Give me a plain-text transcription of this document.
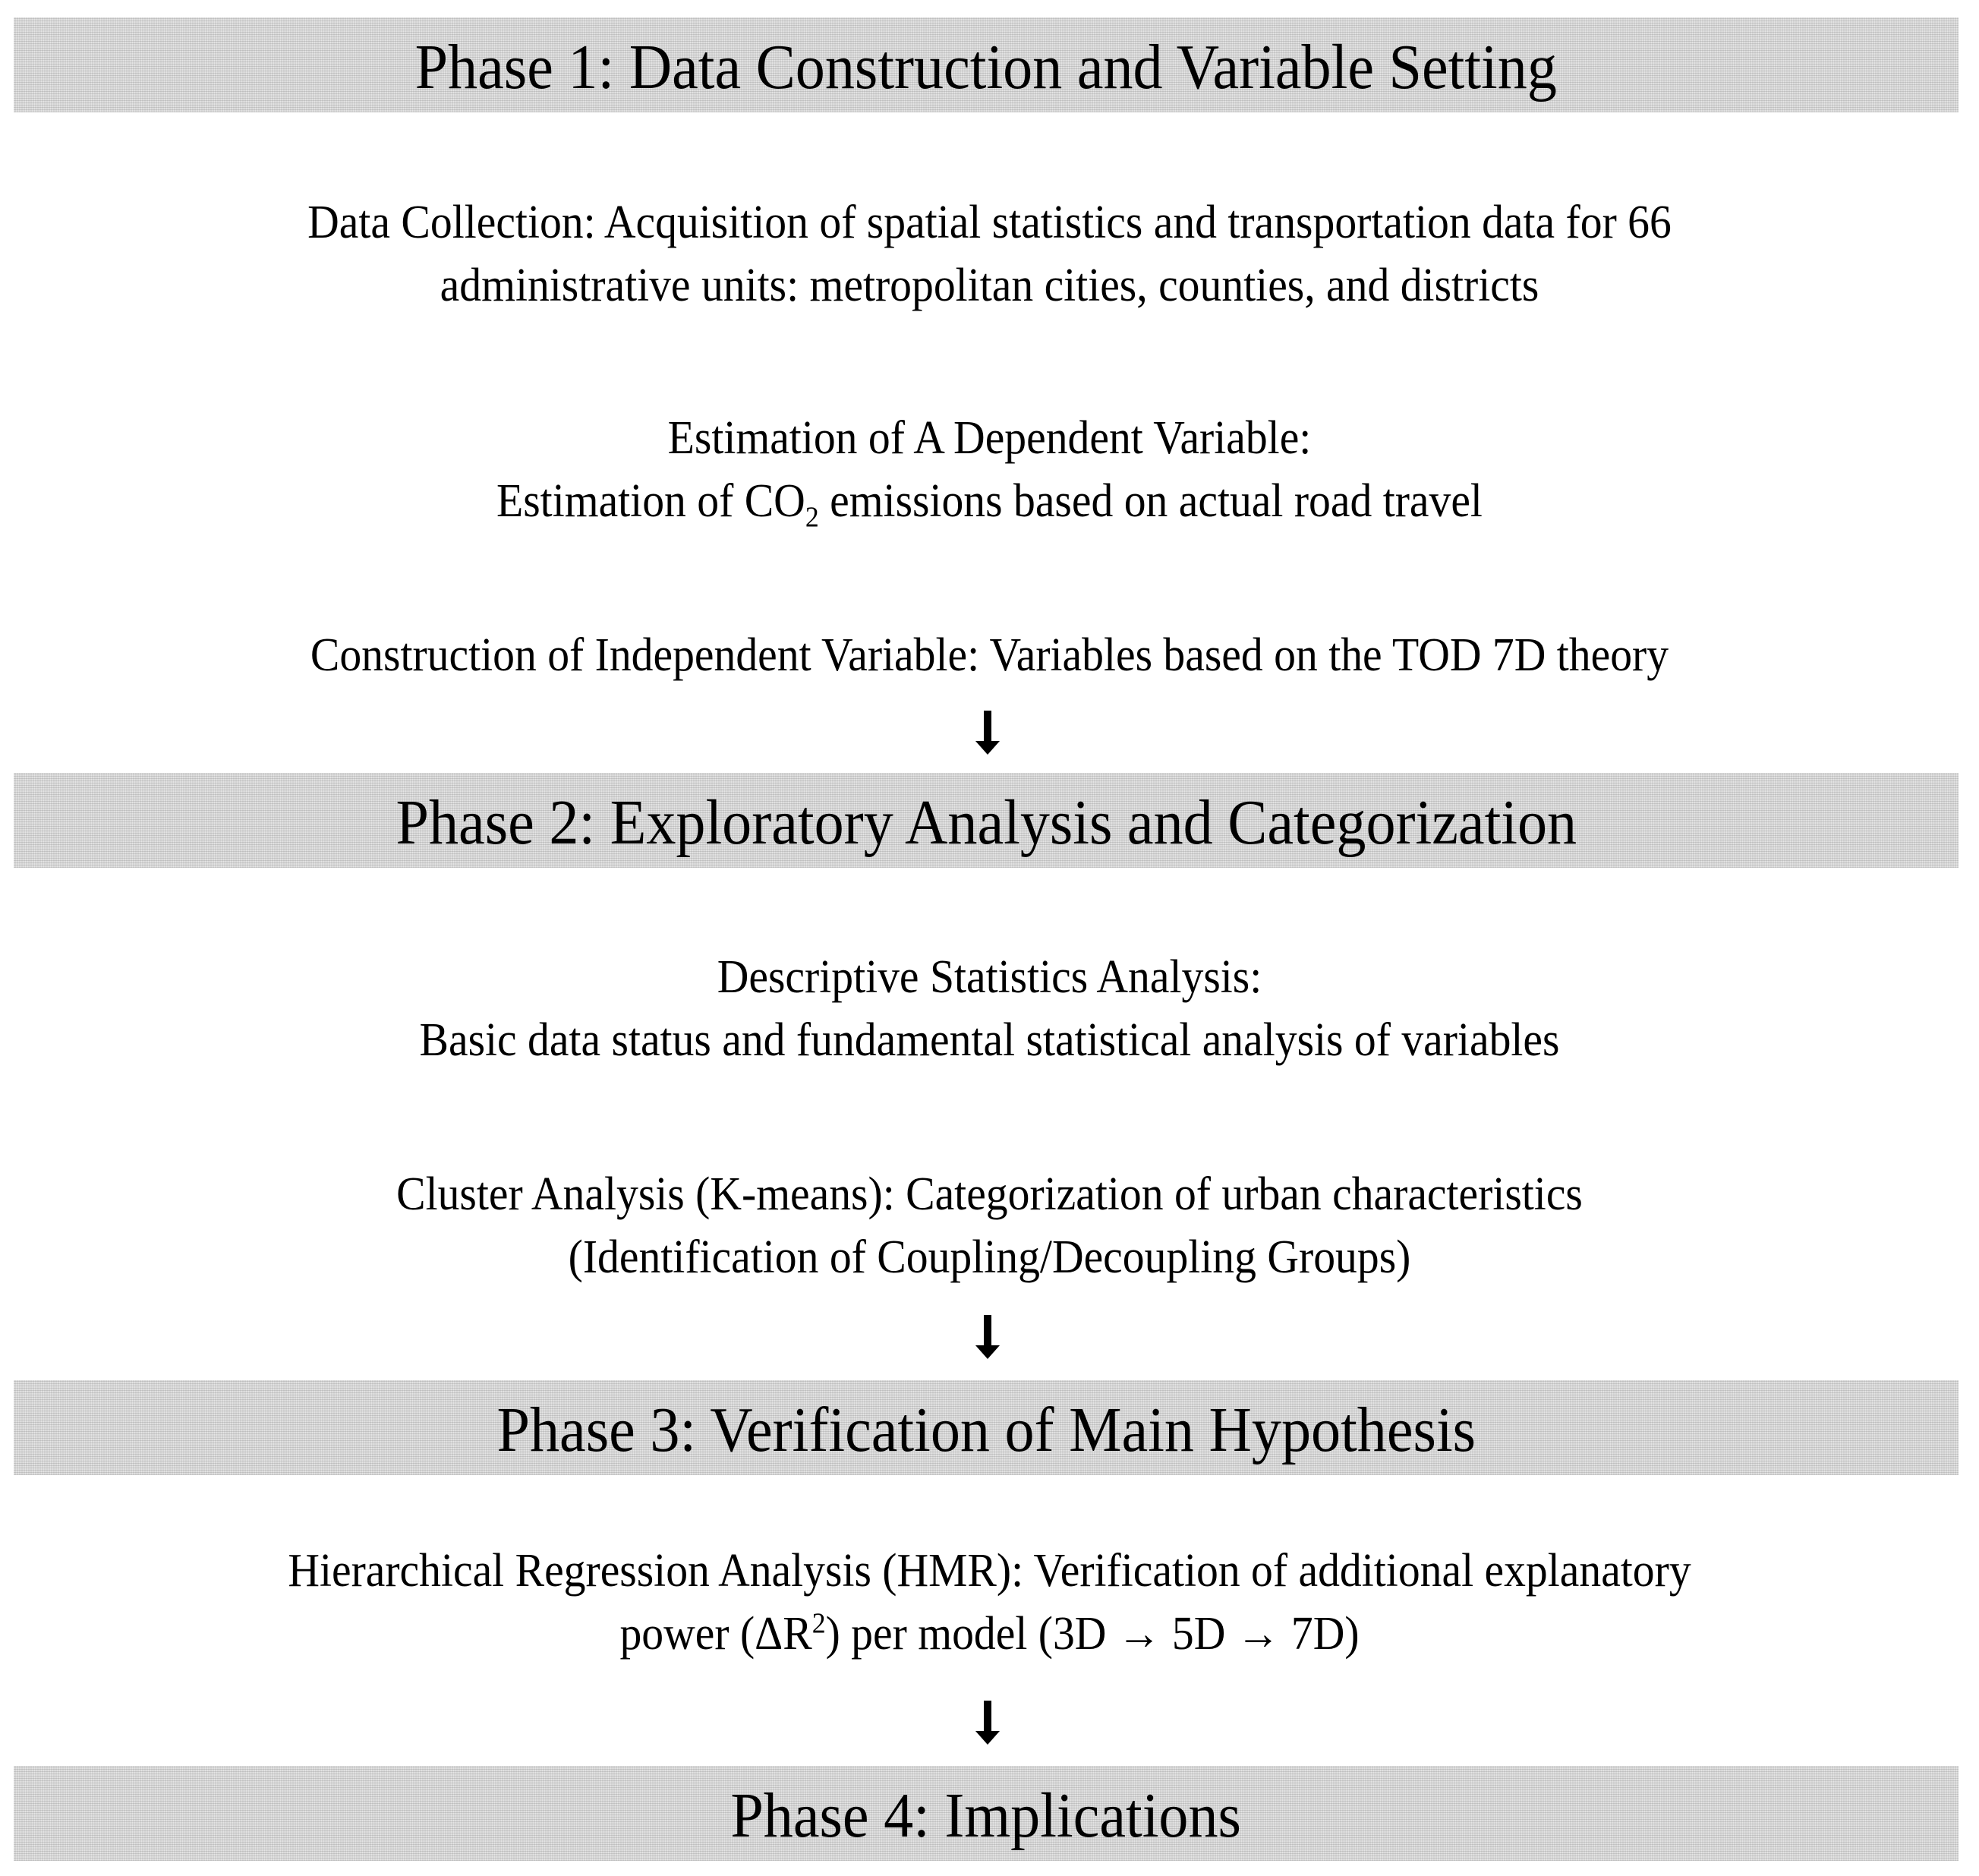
Phase 1: Data Construction and Variable Setting
Data Collection: Acquisition of spatial statistics and transportation data for 66
administrative units: metropolitan cities, counties, and districts
Estimation of A Dependent Variable:
Estimation of $CO_2$ emissions based on actual road travel
Construction of Independent Variable: Variables based on the TOD 7D theory
Phase 2: Exploratory Analysis and Categorization
Descriptive Statistics Analysis:
Basic data status and fundamental statistical analysis of variables
Cluster Analysis (K-means): Categorization of urban characteristics
(Identification of Coupling/Decoupling Groups)
Phase 3: Verification of Main Hypothesis
Hierarchical Regression Analysis (HMR): Verification of additional explanatory
power $(\Delta R^2)$ per model (3D → 5D → 7D)
Phase 4: Implications
